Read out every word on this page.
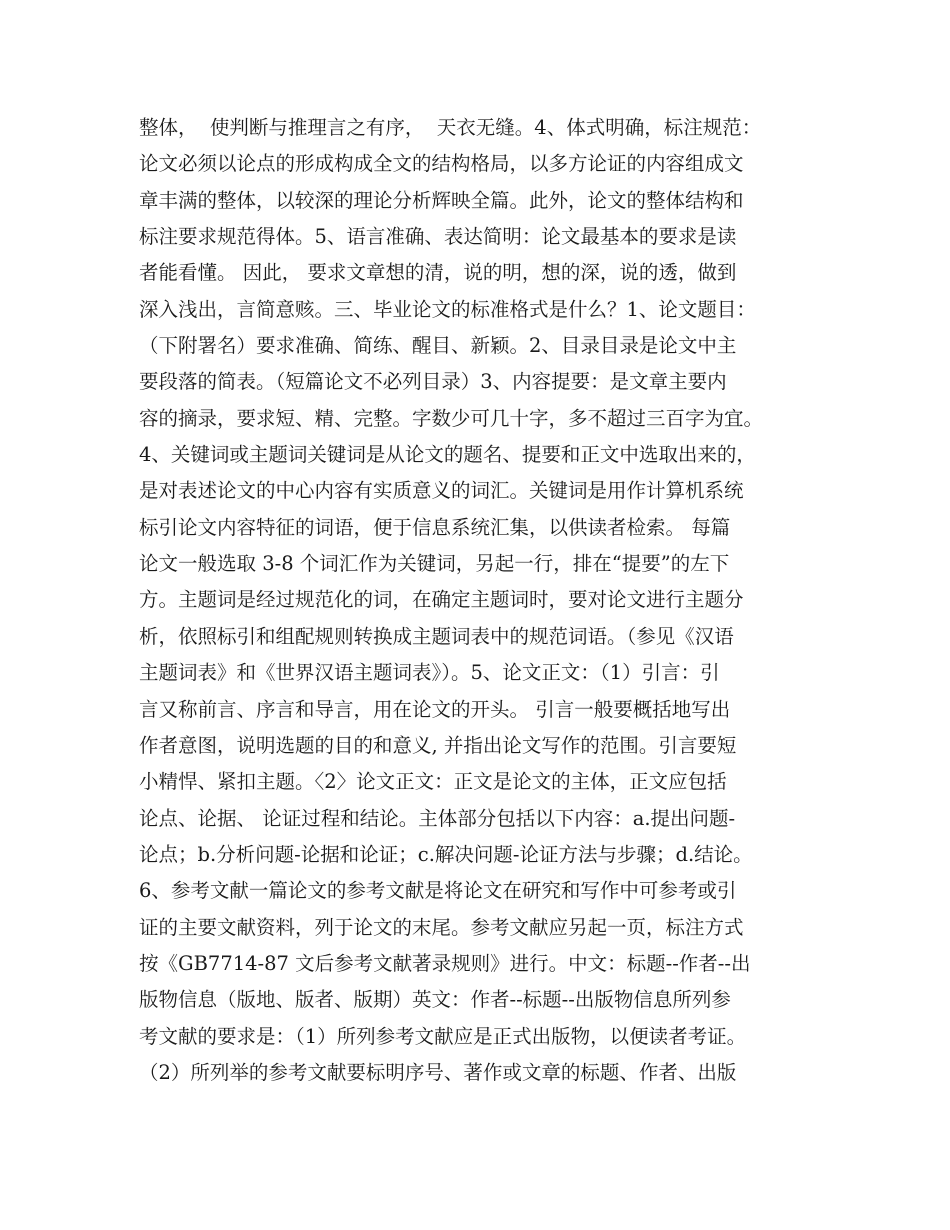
整体，  使判断与推理言之有序，  天衣无缝。4、体式明确，标注规范：
论文必须以论点的形成构成全文的结构格局，以多方论证的内容组成文
章丰满的整体，以较深的理论分析辉映全篇。此外，论文的整体结构和
标注要求规范得体。5、语言准确、表达简明：论文最基本的要求是读
者能看懂。 因此， 要求文章想的清，说的明，想的深，说的透，做到
深入浅出，言简意赅。三、毕业论文的标准格式是什么？1、论文题目：
（下附署名）要求准确、简练、醒目、新颖。2、目录目录是论文中主
要段落的简表。（短篇论文不必列目录）3、内容提要：是文章主要内
容的摘录，要求短、精、完整。字数少可几十字，多不超过三百字为宜。
4、关键词或主题词关键词是从论文的题名、提要和正文中选取出来的，
是对表述论文的中心内容有实质意义的词汇。关键词是用作计算机系统
标引论文内容特征的词语，便于信息系统汇集，以供读者检索。 每篇
论文一般选取 3-8 个词汇作为关键词，另起一行，排在“提要”的左下
方。主题词是经过规范化的词，在确定主题词时，要对论文进行主题分
析，依照标引和组配规则转换成主题词表中的规范词语。（参见《汉语
主题词表》和《世界汉语主题词表》）。5、论文正文：（1）引言：引
言又称前言、序言和导言，用在论文的开头。 引言一般要概括地写出
作者意图，说明选题的目的和意义, 并指出论文写作的范围。引言要短
小精悍、紧扣主题。〈2〉论文正文：正文是论文的主体，正文应包括
论点、论据、 论证过程和结论。主体部分包括以下内容：a.提出问题-
论点；b.分析问题-论据和论证；c.解决问题-论证方法与步骤；d.结论。
6、参考文献一篇论文的参考文献是将论文在研究和写作中可参考或引
证的主要文献资料，列于论文的末尾。参考文献应另起一页，标注方式
按《GB7714-87 文后参考文献著录规则》进行。中文：标题--作者--出
版物信息（版地、版者、版期）英文：作者--标题--出版物信息所列参
考文献的要求是：（1）所列参考文献应是正式出版物，以便读者考证。
（2）所列举的参考文献要标明序号、著作或文章的标题、作者、出版
